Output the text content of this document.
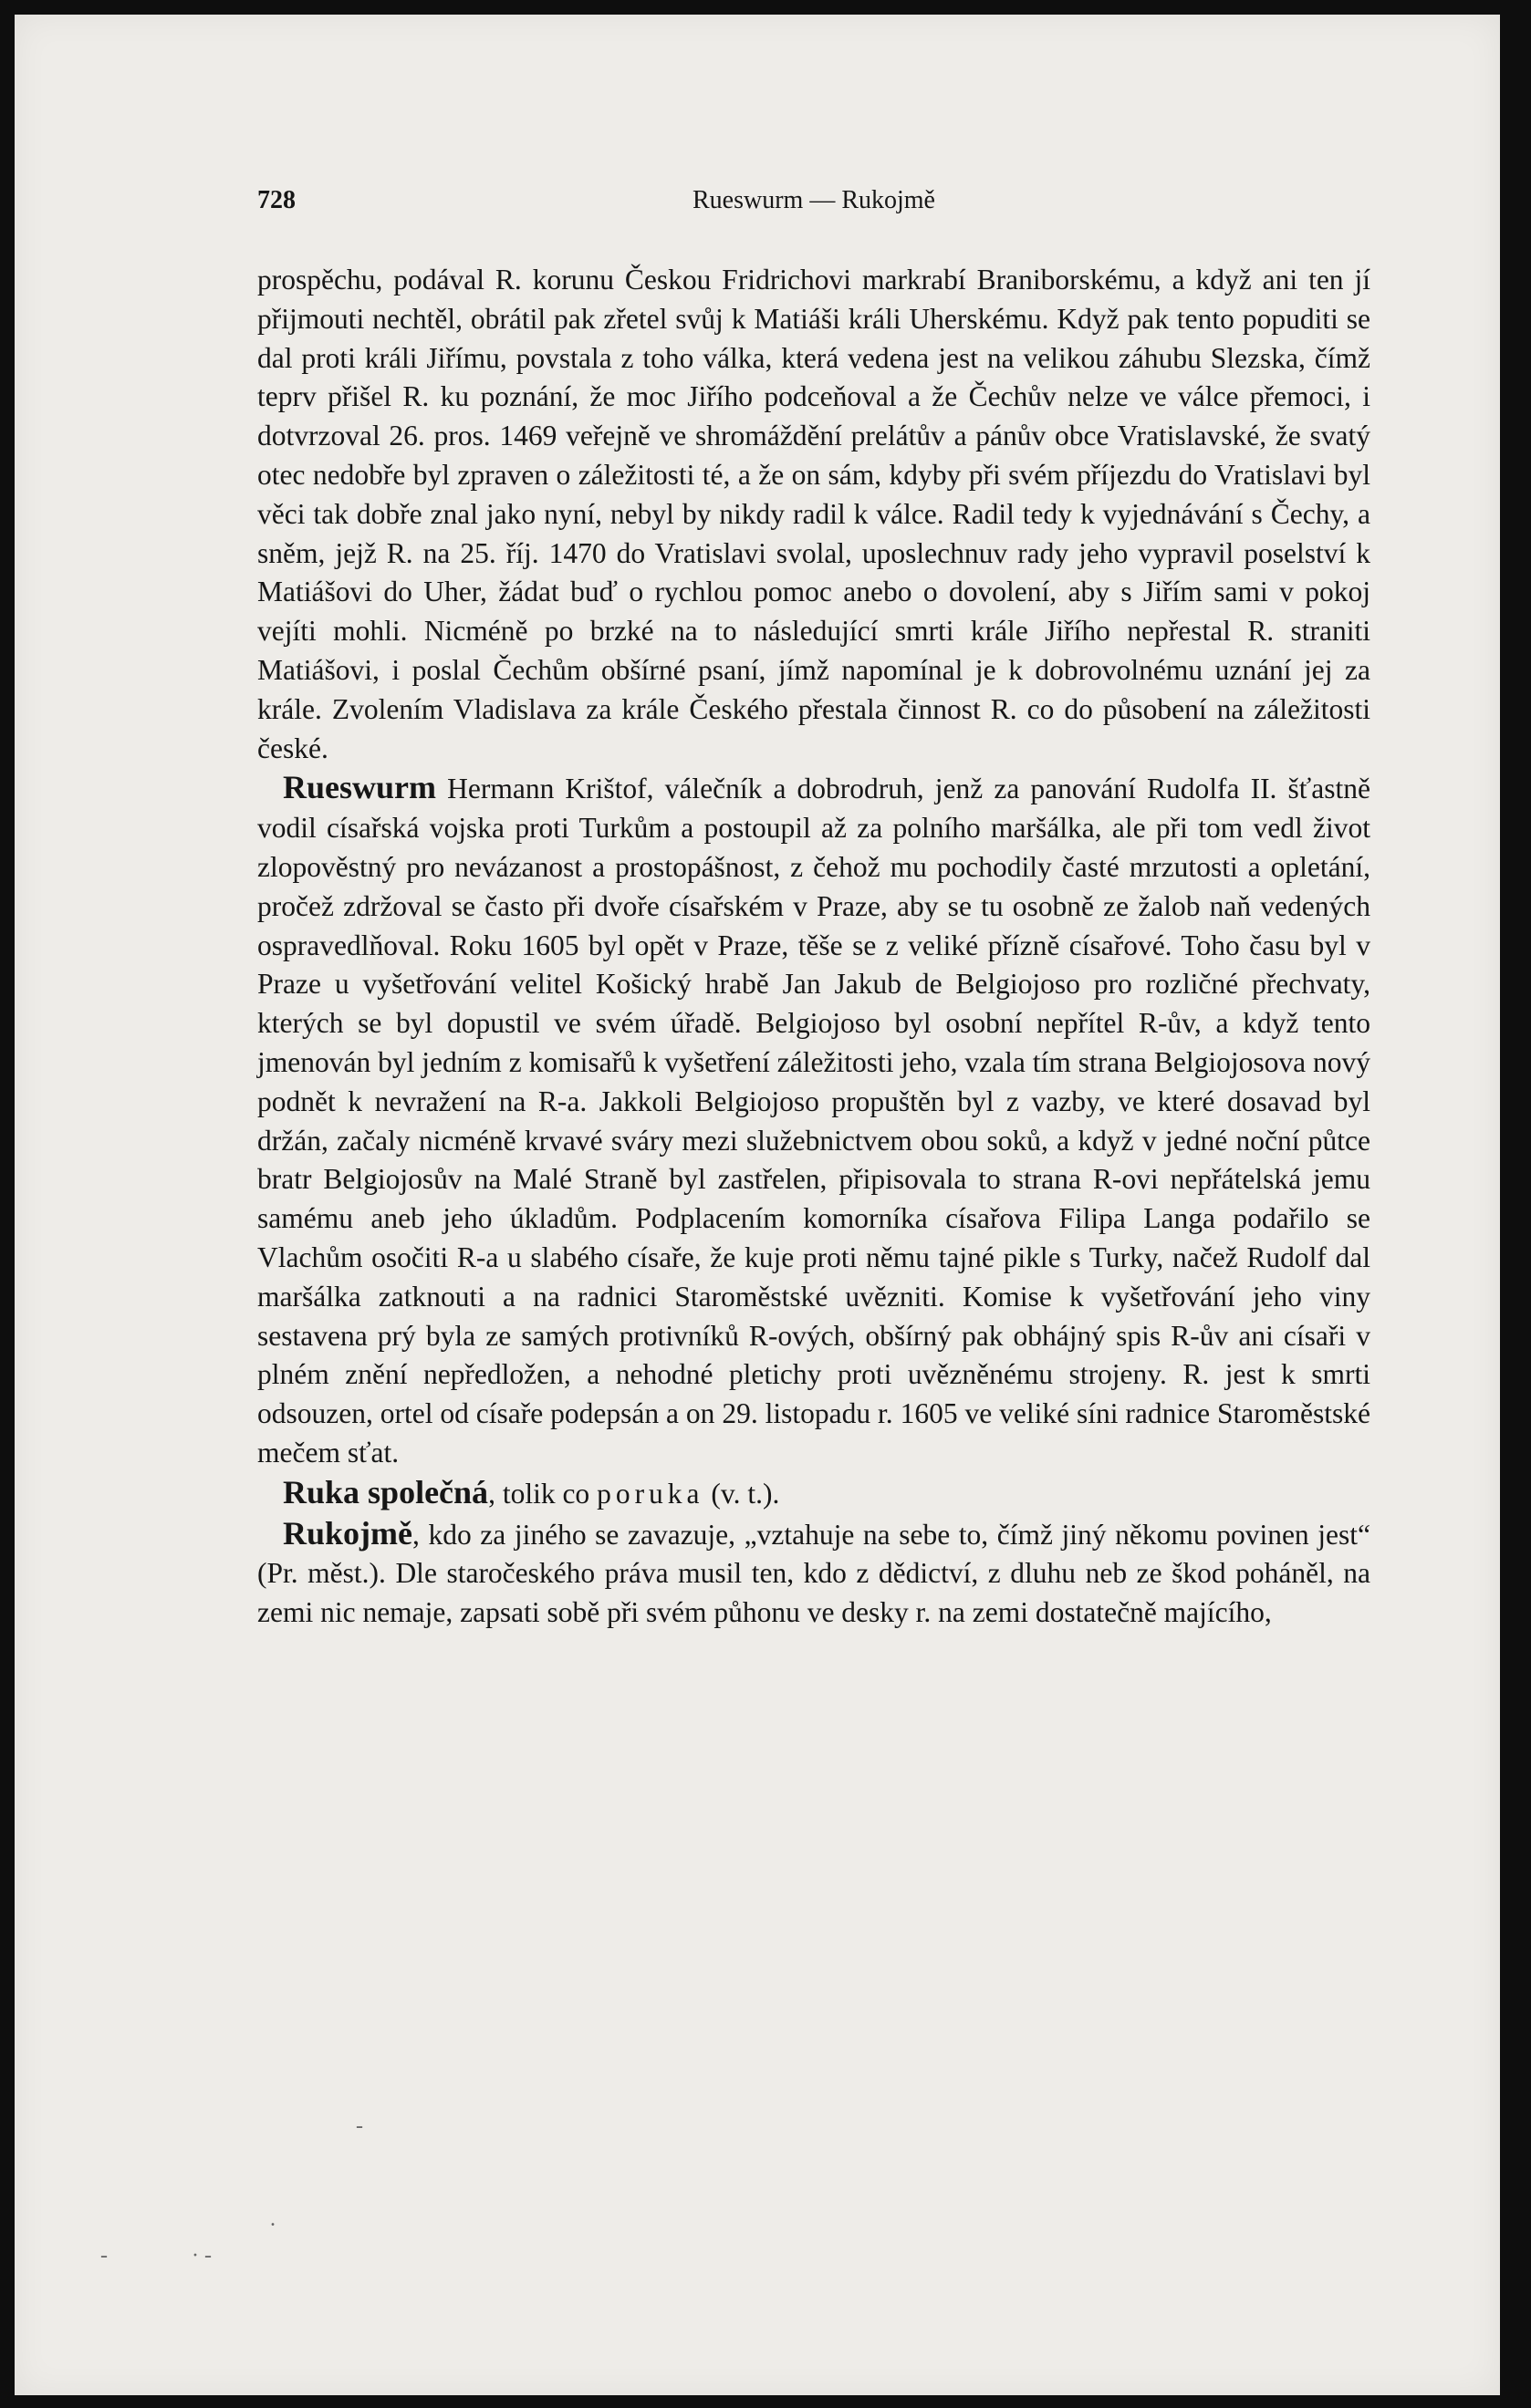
Rueswurm — Rukojmě
728

prospěchu, podával R. korunu Českou Fridrichovi markrabí Braniborskému, a když ani ten jí přijmouti nechtěl, obrátil pak zřetel svůj k Matiáši králi Uherskému. Když pak tento popuditi se dal proti králi Jiřímu, povstala z toho válka, která vedena jest na velikou záhubu Slezska, čímž teprv přišel R. ku poznání, že moc Jiřího podceňoval a že Čechův nelze ve válce přemoci, i dotvrzoval 26. pros. 1469 veřejně ve shromáždění prelátův a pánův obce Vratislavské, že svatý otec nedobře byl zpraven o záležitosti té, a že on sám, kdyby při svém příjezdu do Vratislavi byl věci tak dobře znal jako nyní, nebyl by nikdy radil k válce. Radil tedy k vyjednávání s Čechy, a sněm, jejž R. na 25. říj. 1470 do Vratislavi svolal, uposlechnuv rady jeho vypravil poselství k Matiášovi do Uher, žádat buď o rychlou pomoc anebo o dovolení, aby s Jiřím sami v pokoj vejíti mohli. Nicméně po brzké na to následující smrti krále Jiřího nepřestal R. straniti Matiášovi, i poslal Čechům obšírné psaní, jímž napomínal je k dobrovolnému uznání jej za krále. Zvolením Vladislava za krále Českého přestala činnost R. co do působení na záležitosti české.

Rueswurm Hermann Krištof, válečník a dobrodruh, jenž za panování Rudolfa II. šťastně vodil císařská vojska proti Turkům a postoupil až za polního maršálka, ale při tom vedl život zlopověstný pro nevázanost a prostopášnost, z čehož mu pochodily časté mrzutosti a opletání, pročež zdržoval se často při dvoře císařském v Praze, aby se tu osobně ze žalob naň vedených ospravedlňoval. Roku 1605 byl opět v Praze, těše se z veliké přízně císařové. Toho času byl v Praze u vyšetřování velitel Košický hrabě Jan Jakub de Belgiojoso pro rozličné přechvaty, kterých se byl dopustil ve svém úřadě. Belgiojoso byl osobní nepřítel R-ův, a když tento jmenován byl jedním z komisařů k vyšetření záležitosti jeho, vzala tím strana Belgiojosova nový podnět k nevražení na R-a. Jakkoli Belgiojoso propuštěn byl z vazby, ve které dosavad byl držán, začaly nicméně krvavé sváry mezi služebnictvem obou soků, a když v jedné noční půtce bratr Belgiojosův na Malé Straně byl zastřelen, připisovala to strana R-ovi nepřátelská jemu samému aneb jeho úkladům. Podplacením komorníka císařova Filipa Langa podařilo se Vlachům osočiti R-a u slabého císaře, že kuje proti němu tajné pikle s Turky, načež Rudolf dal maršálka zatknouti a na radnici Staroměstské uvězniti. Komise k vyšetřování jeho viny sestavena prý byla ze samých protivníků R-ových, obšírný pak obhájný spis R-ův ani císaři v plném znění nepředložen, a nehodné pletichy proti uvězněnému strojeny. R. jest k smrti odsouzen, ortel od císaře podepsán a on 29. listopadu r. 1605 ve veliké síni radnice Staroměstské mečem sťat.

Ruka společná, tolik co poruka (v. t.).

Rukojmě, kdo za jiného se zavazuje, „vztahuje na sebe to, čímž jiný někomu povinen jest“ (Pr. měst.). Dle staročeského práva musil ten, kdo z dědictví, z dluhu neb ze škod poháněl, na zemi nic nemaje, zapsati sobě při svém půhonu ve desky r. na zemi dostatečně majícího,

-
.
-	· -
